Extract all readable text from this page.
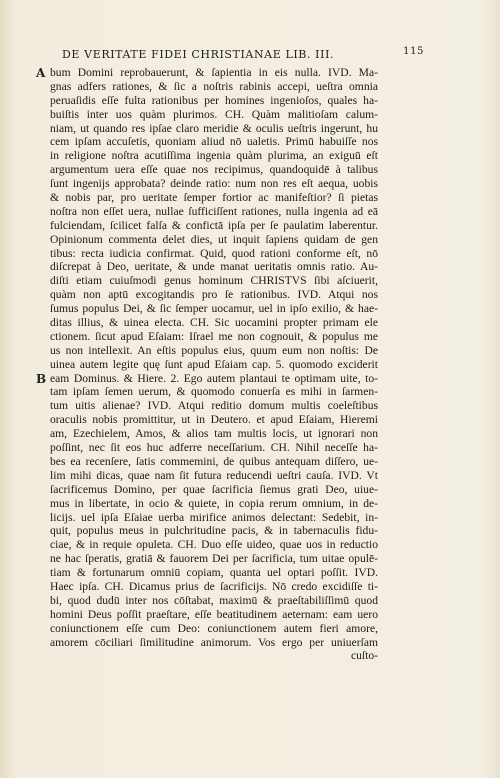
DE VERITATE FIDEI CHRISTIANAE LIB. III.	115
A
B
bum Domini reprobauerunt, & ſapientia in eis nulla. IVD. Ma-
gnas adfers rationes, & ſic a noſtris rabinis accepi, ueſtra omnia
peruaſidis eſſe fulta rationibus per homines ingenioſos, quales ha-
buiſtis inter uos quàm plurimos. CH. Quàm malitioſam calum-
niam, ut quando res ipſae claro meridie & oculis ueſtris ingerunt, hu
cem ipſam accuſetis, quoniam aliud nō ualetis. Primū habuiſſe nos
in religione noſtra acutiſſima ingenia quàm plurima, an exiguū eſt
argumentum uera eſſe quae nos recipimus, quandoquidē à talibus
ſunt ingenijs approbata? deinde ratio: num non res eſt aequa, uobis
& nobis par, pro ueritate ſemper fortior ac manifeſtior? ſi pietas
noſtra non eſſet uera, nullae ſufficiſſent rationes, nulla ingenia ad eā
fulciendam, ſcilicet falſa & confictā ipſa per ſe paulatim laberentur.
Opinionum commenta delet dies, ut inquit ſapiens quidam de gen
tibus: recta iudicia confirmat. Quid, quod rationi conforme eſt, nō
diſcrepat à Deo, ueritate, & unde manat ueritatis omnis ratio. Au-
diſti etiam cuiuſmodi genus hominum CHRISTVS ſibi aſciuerit,
quàm non aptū excogitandis pro ſe rationibus. IVD. Atqui nos
ſumus populus Dei, & ſic ſemper uocamur, uel in ipſo exilio, & hae-
ditas illius, & uinea electa. CH. Sic uocamini propter primam ele
ctionem. ſicut apud Eſaiam: Iſrael me non cognouit, & populus me
us non intellexit. An eſtis populus eius, quum eum non noſtis: De
uinea autem legite quę ſunt apud Eſaiam cap. 5. quomodo exciderit
eam Dominus. & Hiere. 2. Ego autem plantaui te optimam uite, to-
tam ipſam ſemen uerum, & quomodo conuerſa es mihi in ſarmen-
tum uitis alienae? IVD. Atqui reditio domum multis coeleſtibus
oraculis nobis promittitur, ut in Deutero. et apud Eſaiam, Hieremi
am, Ezechielem, Amos, & alios tam multis locis, ut ignorari non
poſſint, nec ſit eos huc adferre neceſſarium. CH. Nihil neceſſe ha-
bes ea recenſere, ſatis commemini, de quibus antequam diſſero, ue-
lim mihi dicas, quae nam ſit futura reducendi ueſtri cauſa. IVD. Vt
ſacrificemus Domino, per quae ſacrificia ſiemus grati Deo, uiue-
mus in libertate, in ocio & quiete, in copia rerum omnium, in de-
licijs. uel ipſa Eſaiae uerba mirifice animos delectant: Sedebit, in-
quit, populus meus in pulchritudine pacis, & in tabernaculis fidu-
ciae, & in requie opuleta. CH. Duo eſſe uideo, quae uos in reductio
ne hac ſperatis, gratiā & fauorem Dei per ſacrificia, tum uitae opulē-
tiam & fortunarum omniū copiam, quanta uel optari poſſit. IVD.
Haec ipſa. CH. Dicamus prius de ſacrificijs. Nō credo excidiſſe ti-
bi, quod dudū inter nos cōſtabat, maximū & praeſtabiliſſimū quod
homini Deus poſſit praeſtare, eſſe beatitudinem aeternam: eam uero
coniunctionem eſſe cum Deo: coniunctionem autem fieri amore,
amorem cōciliari ſimilitudine animorum. Vos ergo per uniuerſam
cuſto-
